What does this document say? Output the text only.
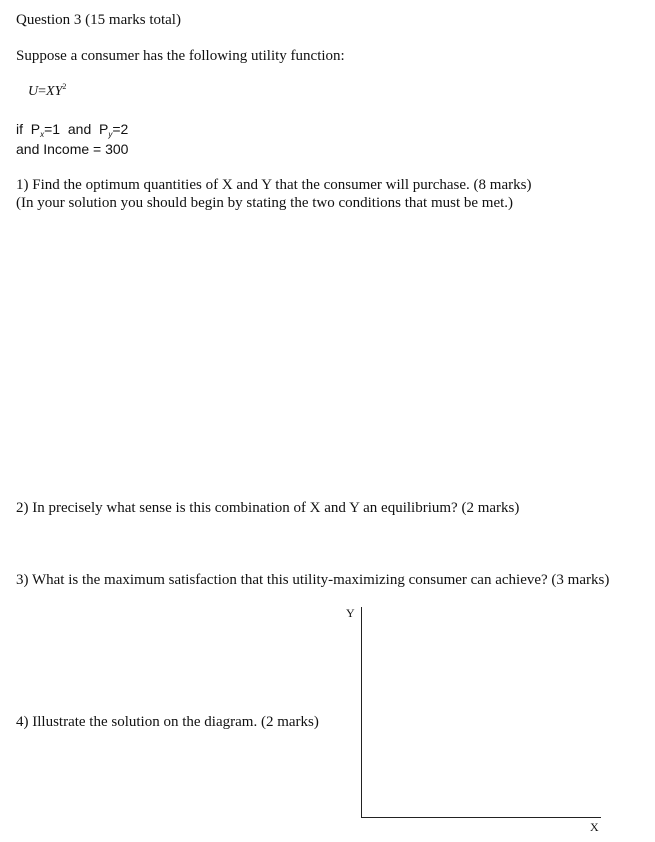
Question 3 (15 marks total)
Suppose a consumer has the following utility function:
$U=XY^2$
if $P_x=1$ and $P_y=2$
and Income = 300
1) Find the optimum quantities of X and Y that the consumer will purchase. (8 marks)
(In your solution you should begin by stating the two conditions that must be met.)
2) In precisely what sense is this combination of X and Y an equilibrium? (2 marks)
3) What is the maximum satisfaction that this utility-maximizing consumer can achieve? (3 marks)
4) Illustrate the solution on the diagram. (2 marks)
Y
X
